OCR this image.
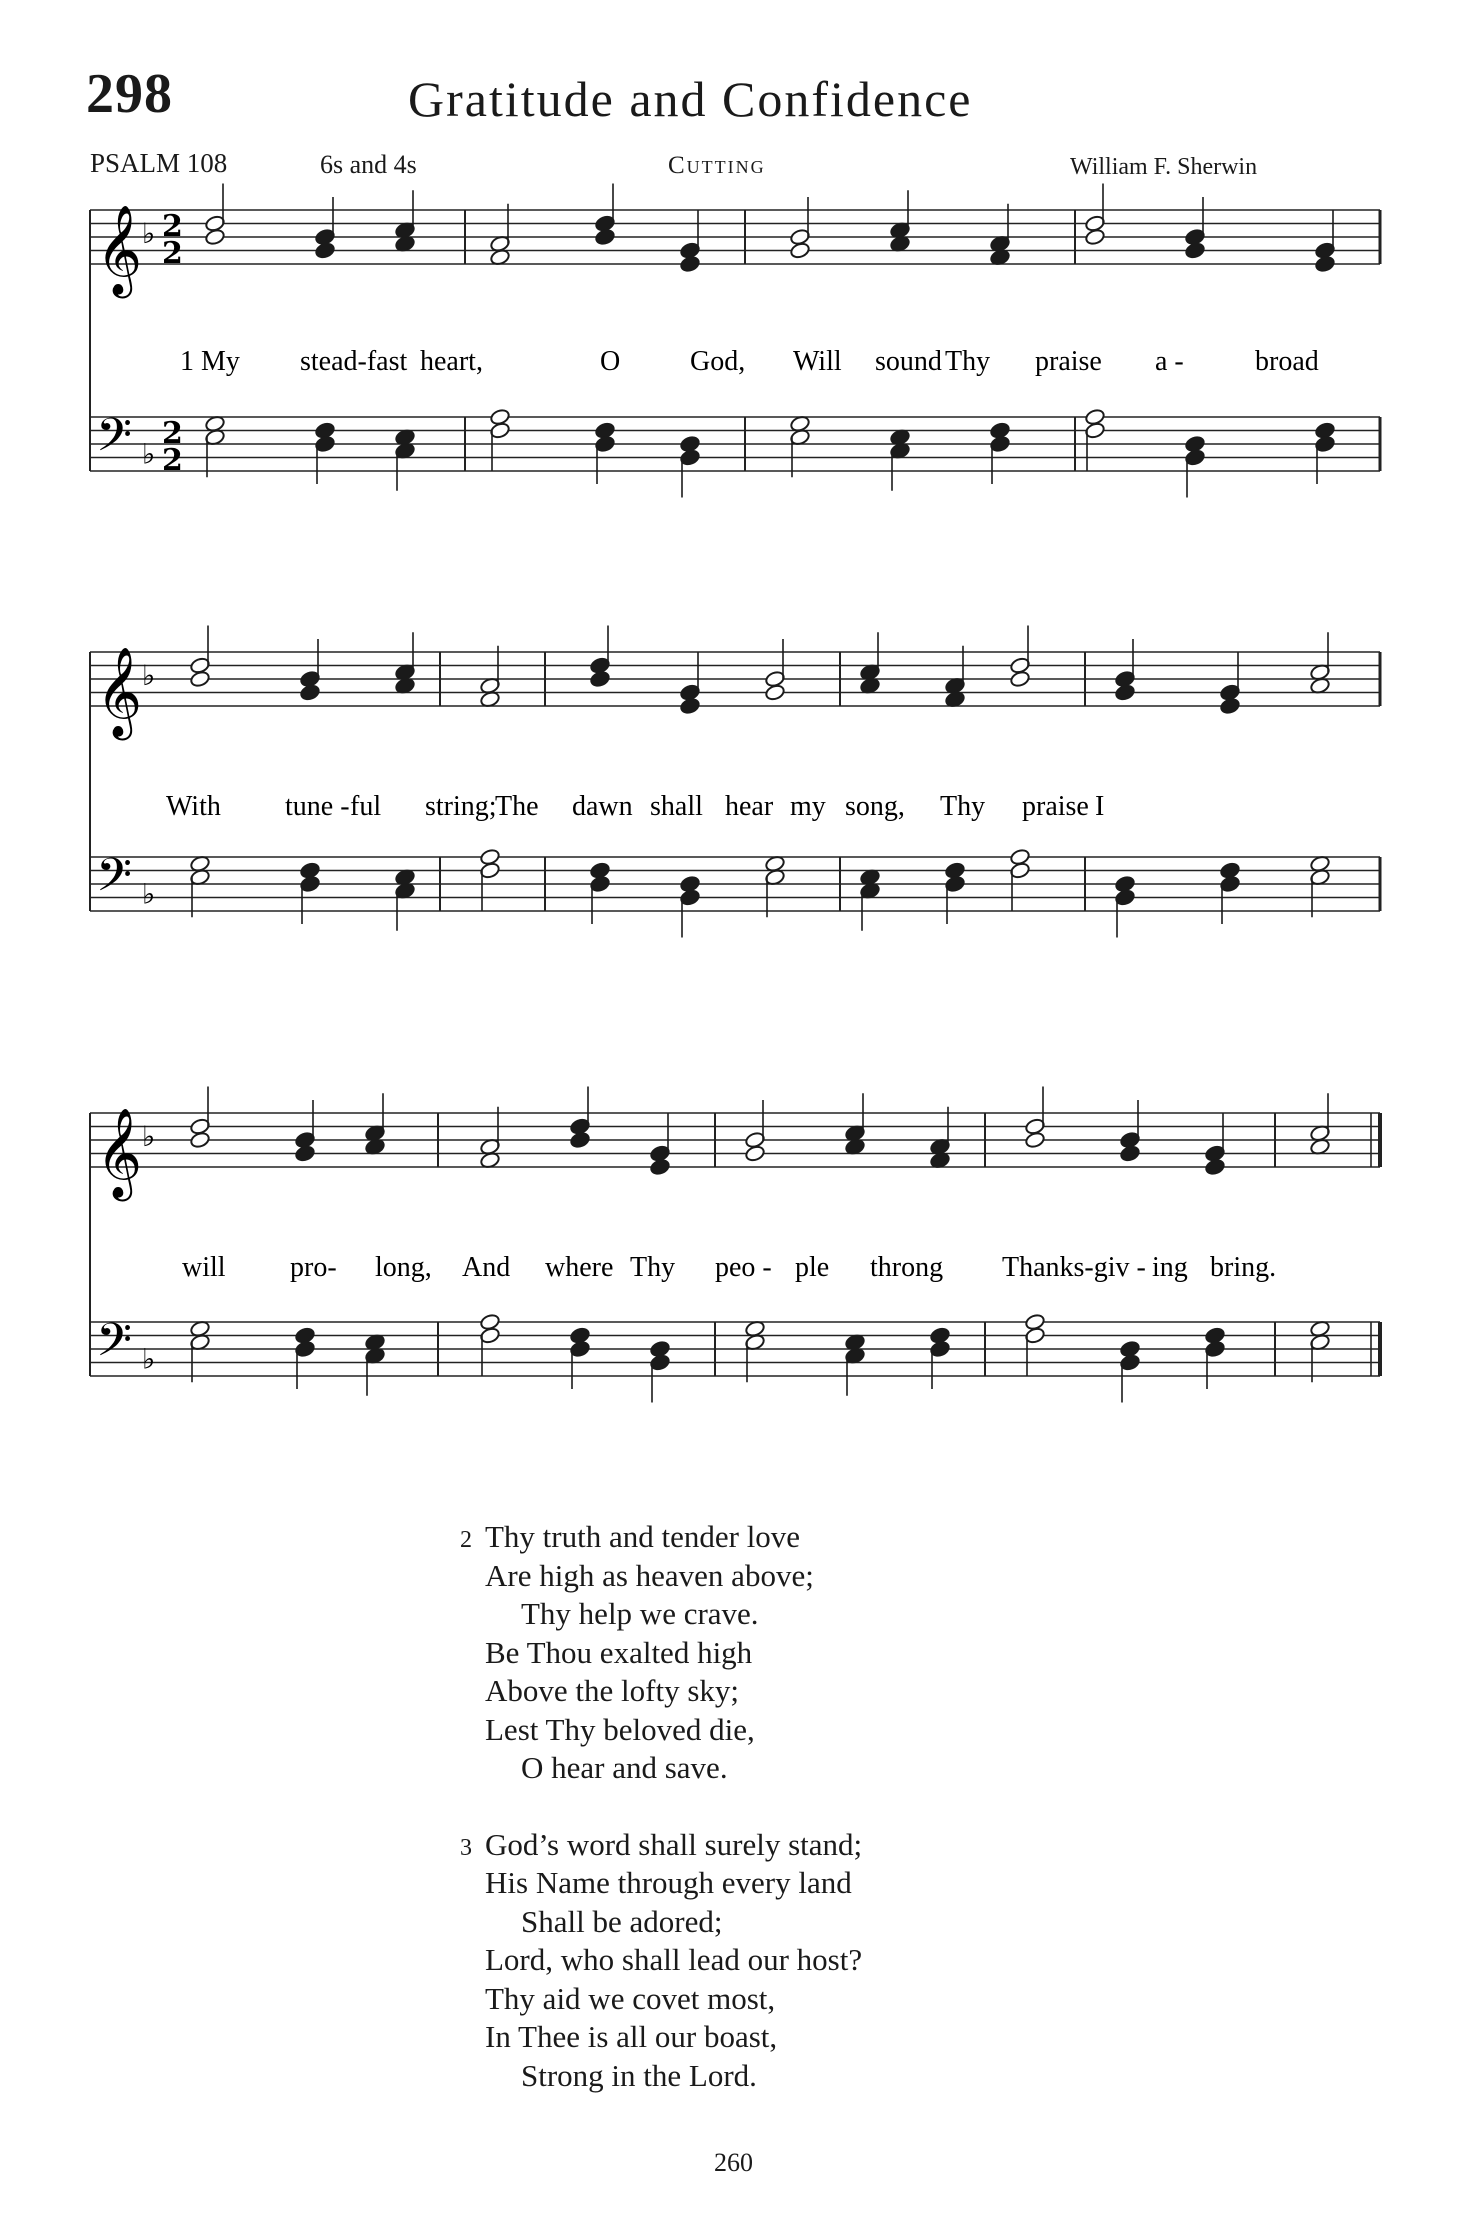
298	Gratitude and Confidence
PSALM 108	6s and 4s	Cutting	William F. Sherwin
𝄞
𝄢
♭
♭
2
2
2
2
1 My stead-fast heart,	O God, Will sound Thy praise a -	broad
𝄞
𝄢
♭
♭
With tune - ful string;
The dawn shall hear my song, Thy praise I
𝄞
𝄢
♭
♭
will pro- long, And where Thy peo - ple throng Thanks-giv - ing bring.
2 Thy truth and tender love
Are high as heaven above;
Thy help we crave.
Be Thou exalted high
Above the lofty sky;
Lest Thy beloved die,
O hear and save.
3 God’s word shall surely stand;
His Name through every land
Shall be adored;
Lord, who shall lead our host?
Thy aid we covet most,
In Thee is all our boast,
Strong in the Lord.
260
